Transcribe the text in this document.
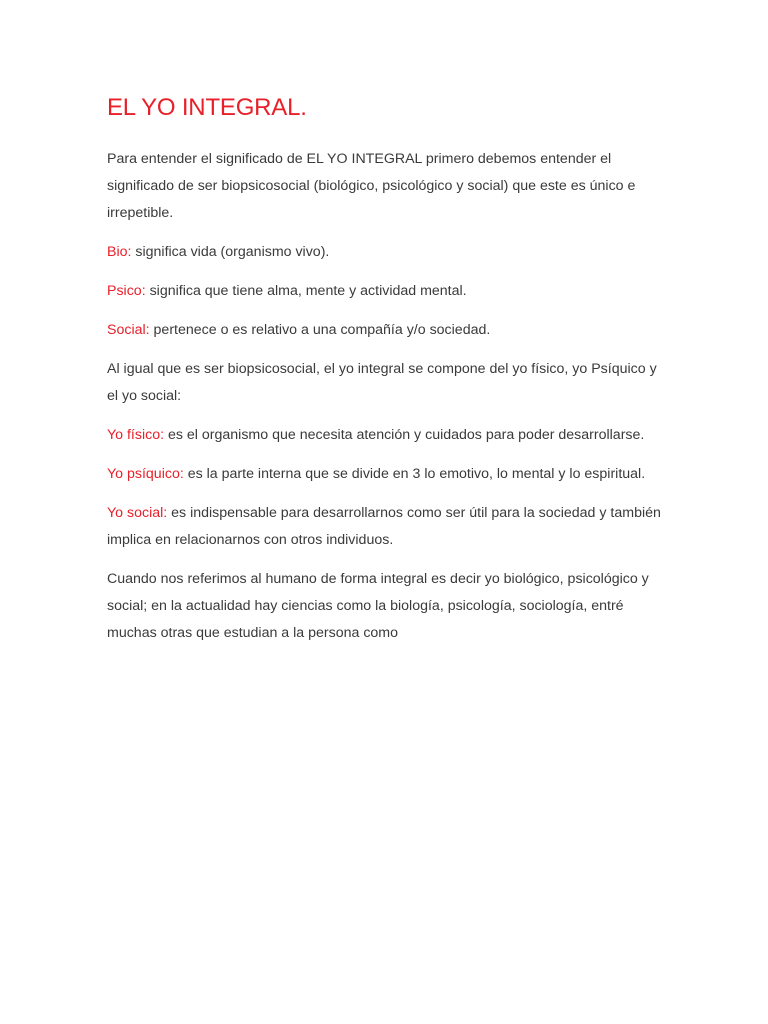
EL YO INTEGRAL.

Para entender el significado de EL YO INTEGRAL primero debemos entender el significado de ser biopsicosocial (biológico, psicológico y social) que este es único e irrepetible.

Bio: significa vida (organismo vivo).

Psico: significa que tiene alma, mente y actividad mental.

Social: pertenece o es relativo a una compañía y/o sociedad.

Al igual que es ser biopsicosocial, el yo integral se compone del yo físico, yo Psíquico y el yo social:

Yo físico: es el organismo que necesita atención y cuidados para poder desarrollarse.

Yo psíquico: es la parte interna que se divide en 3 lo emotivo, lo mental y lo espiritual.

Yo social: es indispensable para desarrollarnos como ser útil para la sociedad y también implica en relacionarnos con otros individuos.

Cuando nos referimos al humano de forma integral es decir yo biológico, psicológico y social; en la actualidad hay ciencias como la biología, psicología, sociología, entré muchas otras que estudian a la persona como
